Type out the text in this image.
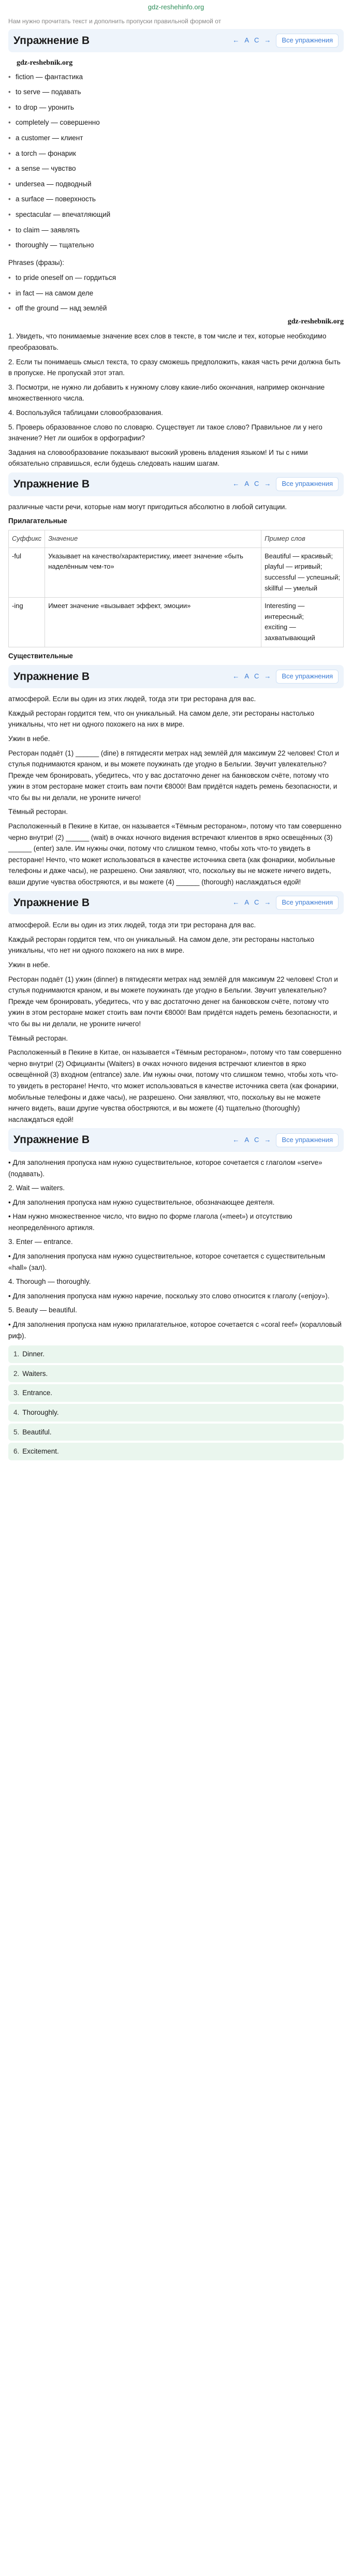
gdz-reshehinfo.org

Нам нужно прочитать текст и дополнить пропуски правильной формой от

Упражнение B	← A C →	Все упражнения
gdz-reshebnik.org
• fiction — фантастика
• to serve — подавать
• to drop — уронить
• completely — совершенно
• a customer — клиент
• a torch — фонарик
• a sense — чувство
• undersea — подводный
• a surface — поверхность
• spectacular — впечатляющий
• to claim — заявлять
• thoroughly — тщательно
Phrases (фразы):
• to pride oneself on — гордиться
• in fact — на самом деле
• off the ground — над землёй
gdz-reshebnik.org

1. Увидеть, что понимаемые значение всех слов в тексте, в том числе и тех, которые необходимо преобразовать.

2. Если ты понимаешь смысл текста, то сразу сможешь предположить, какая часть речи должна быть в пропуске. Не пропускай этот этап.

3. Посмотри, не нужно ли добавить к нужному слову какие-либо окончания, например окончание множественного числа.

4. Воспользуйся таблицами словообразования.

5. Проверь образованное слово по словарю. Существует ли такое слово? Правильное ли у него значение? Нет ли ошибок в орфографии?

Задания на словообразование показывают высокий уровень владения языком! И ты с ними обязательно справишься, если будешь следовать нашим шагам.

Упражнение B	← A C →	Все упражнения

различные части речи, которые нам могут пригодиться абсолютно в любой ситуации.

Прилагательные
Суффикс	Значение	Пример слов
-ful	Указывает на качество/характеристику, имеет значение «быть наделённым чем-то»	Beautiful — красивый;
playful — игривый;
successful — успешный;
skillful — умелый

-ing	Имеет значение «вызывает эффект, эмоции»	Interesting — интересный;
exciting — захватывающий
Существительные
Упражнение B	← A C →	Все упражнения

атмосферой. Если вы один из этих людей, тогда эти три ресторана для вас.

Каждый ресторан гордится тем, что он уникальный. На самом деле, эти рестораны настолько уникальны, что нет ни одного похожего на них в мире.

Ужин в небе.

Ресторан подаёт (1) ______ (dine) в пятидесяти метрах над землёй для максимум 22 человек! Стол и стулья поднимаются краном, и вы можете поужинать где угодно в Бельгии. Звучит увлекательно? Прежде чем бронировать, убедитесь, что у вас достаточно денег на банковском счёте, потому что ужин в этом ресторане может стоить вам почти €8000! Вам придётся надеть ремень безопасности, и что бы вы ни делали, не уроните ничего!

Тёмный ресторан.

Расположенный в Пекине в Китае, он называется «Тёмным рестораном», потому что там совершенно черно внутри! (2) ______ (wait) в очках ночного видения встречают клиентов в ярко освещённых (3) ______ (enter) зале. Им нужны очки, потому что слишком темно, чтобы хоть что-то увидеть в ресторане! Нечто, что может использоваться в качестве источника света (как фонарики, мобильные телефоны и даже часы), не разрешено. Они заявляют, что, поскольку вы не можете ничего видеть, ваши другие чувства обостряются, и вы можете (4) ______ (thorough) наслаждаться едой!

Упражнение B	← A C →	Все упражнения

атмосферой. Если вы один из этих людей, тогда эти три ресторана для вас.

Каждый ресторан гордится тем, что он уникальный. На самом деле, эти рестораны настолько уникальны, что нет ни одного похожего на них в мире.

Ужин в небе.

Ресторан подаёт (1) ужин (dinner) в пятидесяти метрах над землёй для максимум 22 человек! Стол и стулья поднимаются краном, и вы можете поужинать где угодно в Бельгии. Звучит увлекательно? Прежде чем бронировать, убедитесь, что у вас достаточно денег на банковском счёте, потому что ужин в этом ресторане может стоить вам почти €8000! Вам придётся надеть ремень безопасности, и что бы вы ни делали, не уроните ничего!

Тёмный ресторан.

Расположенный в Пекине в Китае, он называется «Тёмным рестораном», потому что там совершенно черно внутри! (2) Официанты (Waiters) в очках ночного видения встречают клиентов в ярко освещённой (3) входном (entrance) зале. Им нужны очки, потому что слишком темно, чтобы хоть что-то увидеть в ресторане! Нечто, что может использоваться в качестве источника света (как фонарики, мобильные телефоны и даже часы), не разрешено. Они заявляют, что, поскольку вы не можете ничего видеть, ваши другие чувства обостряются, и вы можете (4) тщательно (thoroughly) наслаждаться едой!

Упражнение B	← A C →	Все упражнения

• Для заполнения пропуска нам нужно существительное, которое сочетается с глаголом «serve» (подавать).

2. Wait — waiters.

• Для заполнения пропуска нам нужно существительное, обозначающее деятеля.

• Нам нужно множественное число, что видно по форме глагола («meet») и отсутствию неопределённого артикля.

3. Enter — entrance.

• Для заполнения пропуска нам нужно существительное, которое сочетается с существительным «hall» (зал).

4. Thorough — thoroughly.

• Для заполнения пропуска нам нужно наречие, поскольку это слово относится к глаголу («enjoy»).

5. Beauty — beautiful.

• Для заполнения пропуска нам нужно прилагательное, которое сочетается с «coral reef» (коралловый риф).

1. Dinner.
2. Waiters.
3. Entrance.
4. Thoroughly.
5. Beautiful.
6. Excitement.
